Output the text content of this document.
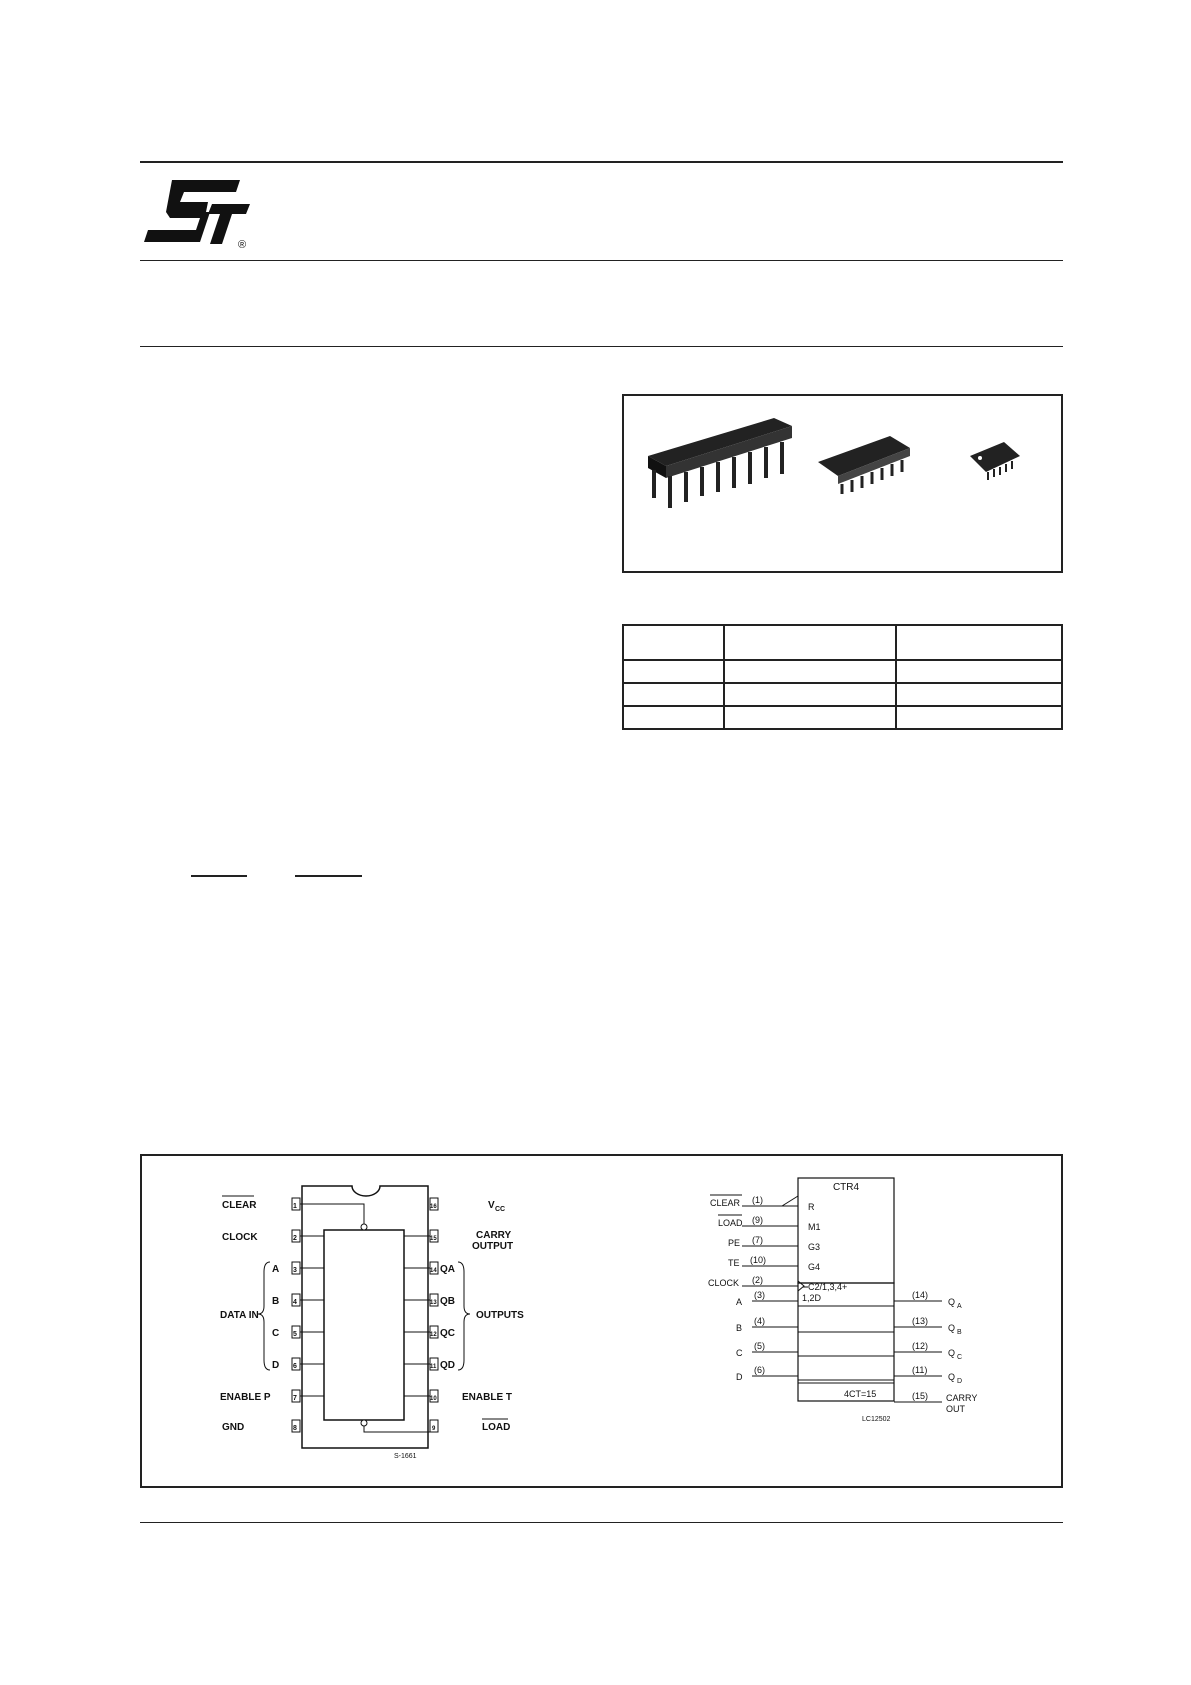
®

1
2
3
4
5
6
7
8
16
15
14
13
12
11
10
9
CLEAR
CLOCK
A
B
C
D
DATA IN
ENABLE P
GND
V CC
CARRY
OUTPUT
QA
QB
QC
QD
OUTPUTS
ENABLE T
LOAD
S-1661
CTR4
CLEAR
LOAD
PE
TE
CLOCK
(1)
(9)
(7)
(10)
(2)
R
M1
G3
G4
C2/1,3,4+
A
B
C
D
(3)
(4)
(5)
(6)
1,2D	(14)
(13)
(12)
(11)
(15)
Q A
Q B
Q C
Q D
CARRY
OUT
4CT=15
LC12502
